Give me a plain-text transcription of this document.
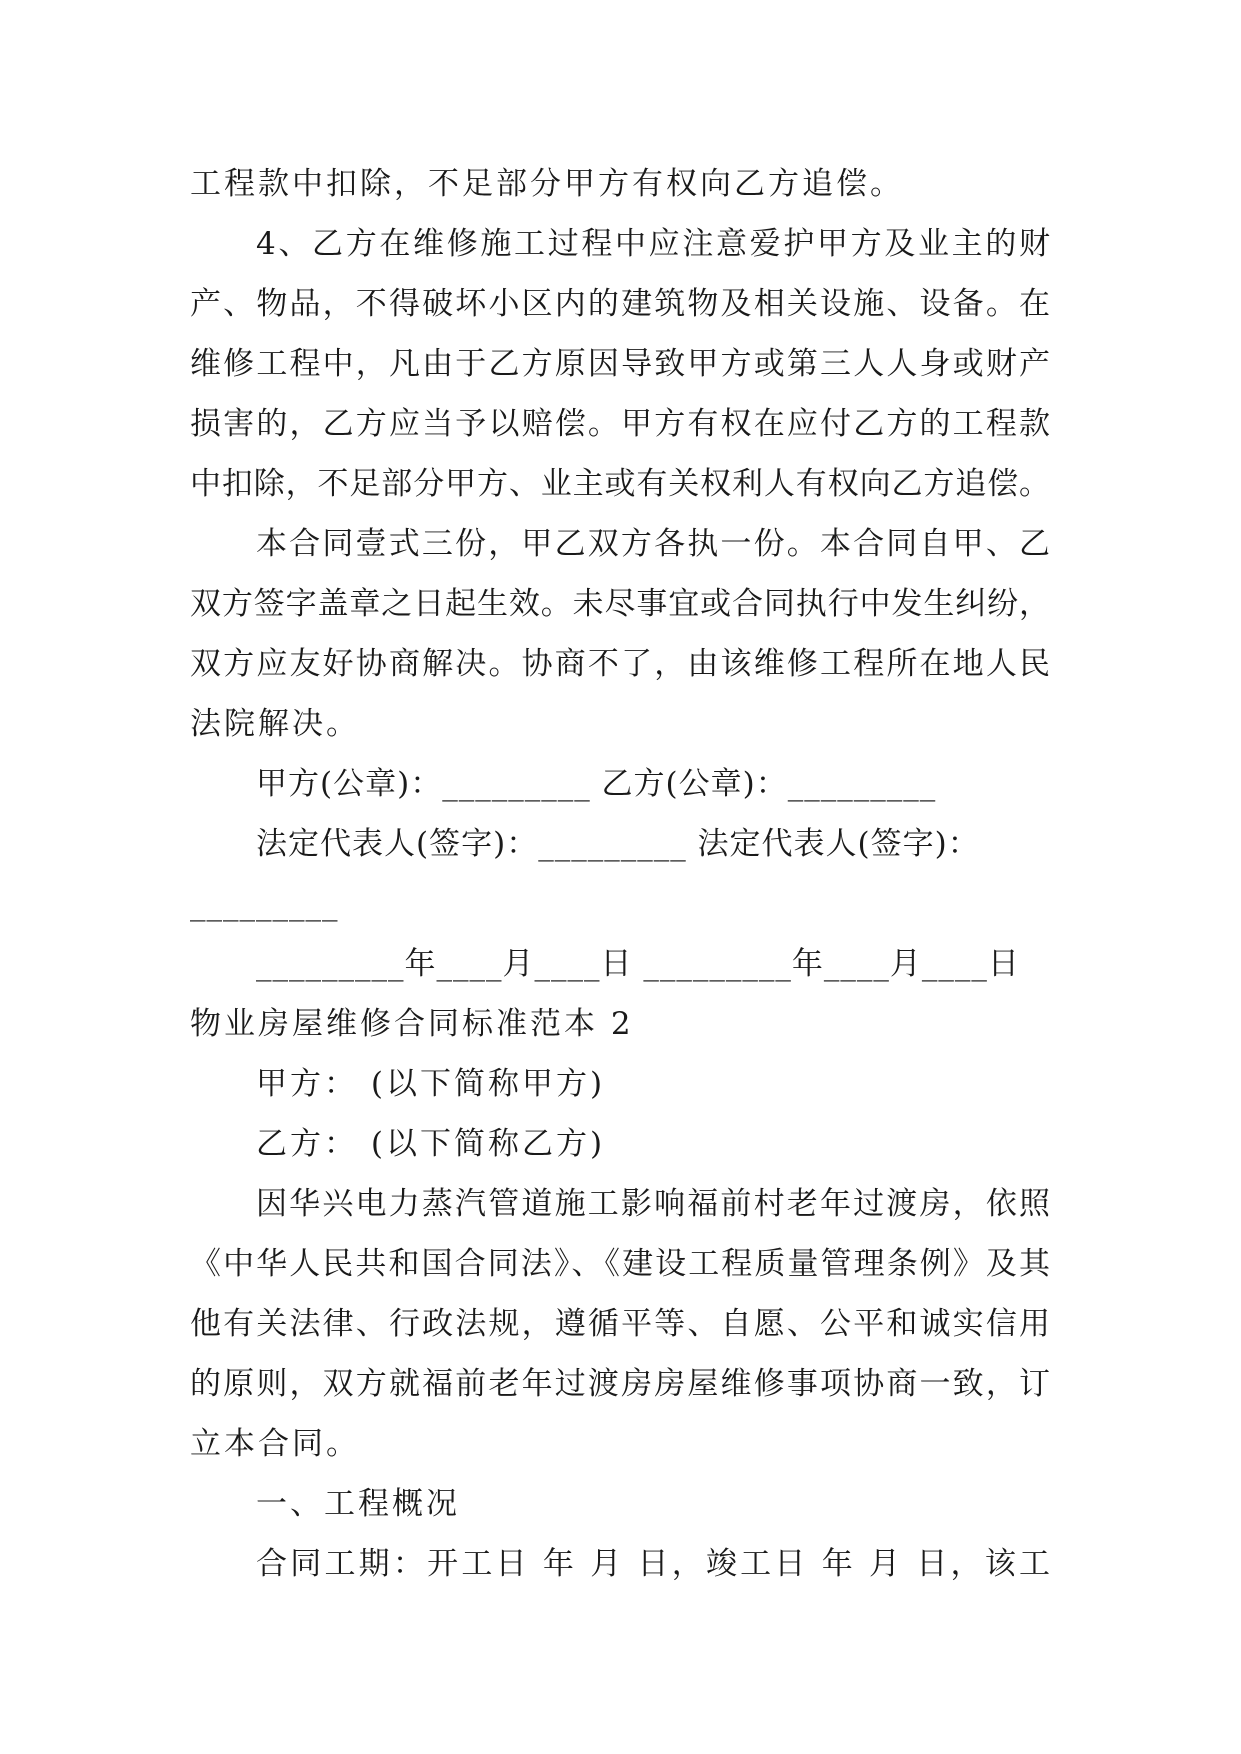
工程款中扣除，不足部分甲方有权向乙方追偿。
4、乙方在维修施工过程中应注意爱护甲方及业主的财
产、物品，不得破坏小区内的建筑物及相关设施、设备。在
维修工程中，凡由于乙方原因导致甲方或第三人人身或财产
损害的，乙方应当予以赔偿。甲方有权在应付乙方的工程款
中扣除，不足部分甲方、业主或有关权利人有权向乙方追偿。
本合同壹式三份，甲乙双方各执一份。本合同自甲、乙
双方签字盖章之日起生效。未尽事宜或合同执行中发生纠纷，
双方应友好协商解决。协商不了，由该维修工程所在地人民
法院解决。
甲方(公章)：_________ 乙方(公章)：_________
法定代表人(签字)：_________ 法定代表人(签字)：
_________
_________年____月____日 _________年____月____日
物业房屋维修合同标准范本 2
甲方： (以下简称甲方)
乙方： (以下简称乙方)
因华兴电力蒸汽管道施工影响福前村老年过渡房，依照
《中华人民共和国合同法》、《建设工程质量管理条例》及其
他有关法律、行政法规，遵循平等、自愿、公平和诚实信用
的原则，双方就福前老年过渡房房屋维修事项协商一致，订
立本合同。
一、工程概况
合同工期：开工日 年 月 日，竣工日 年 月 日，该工
